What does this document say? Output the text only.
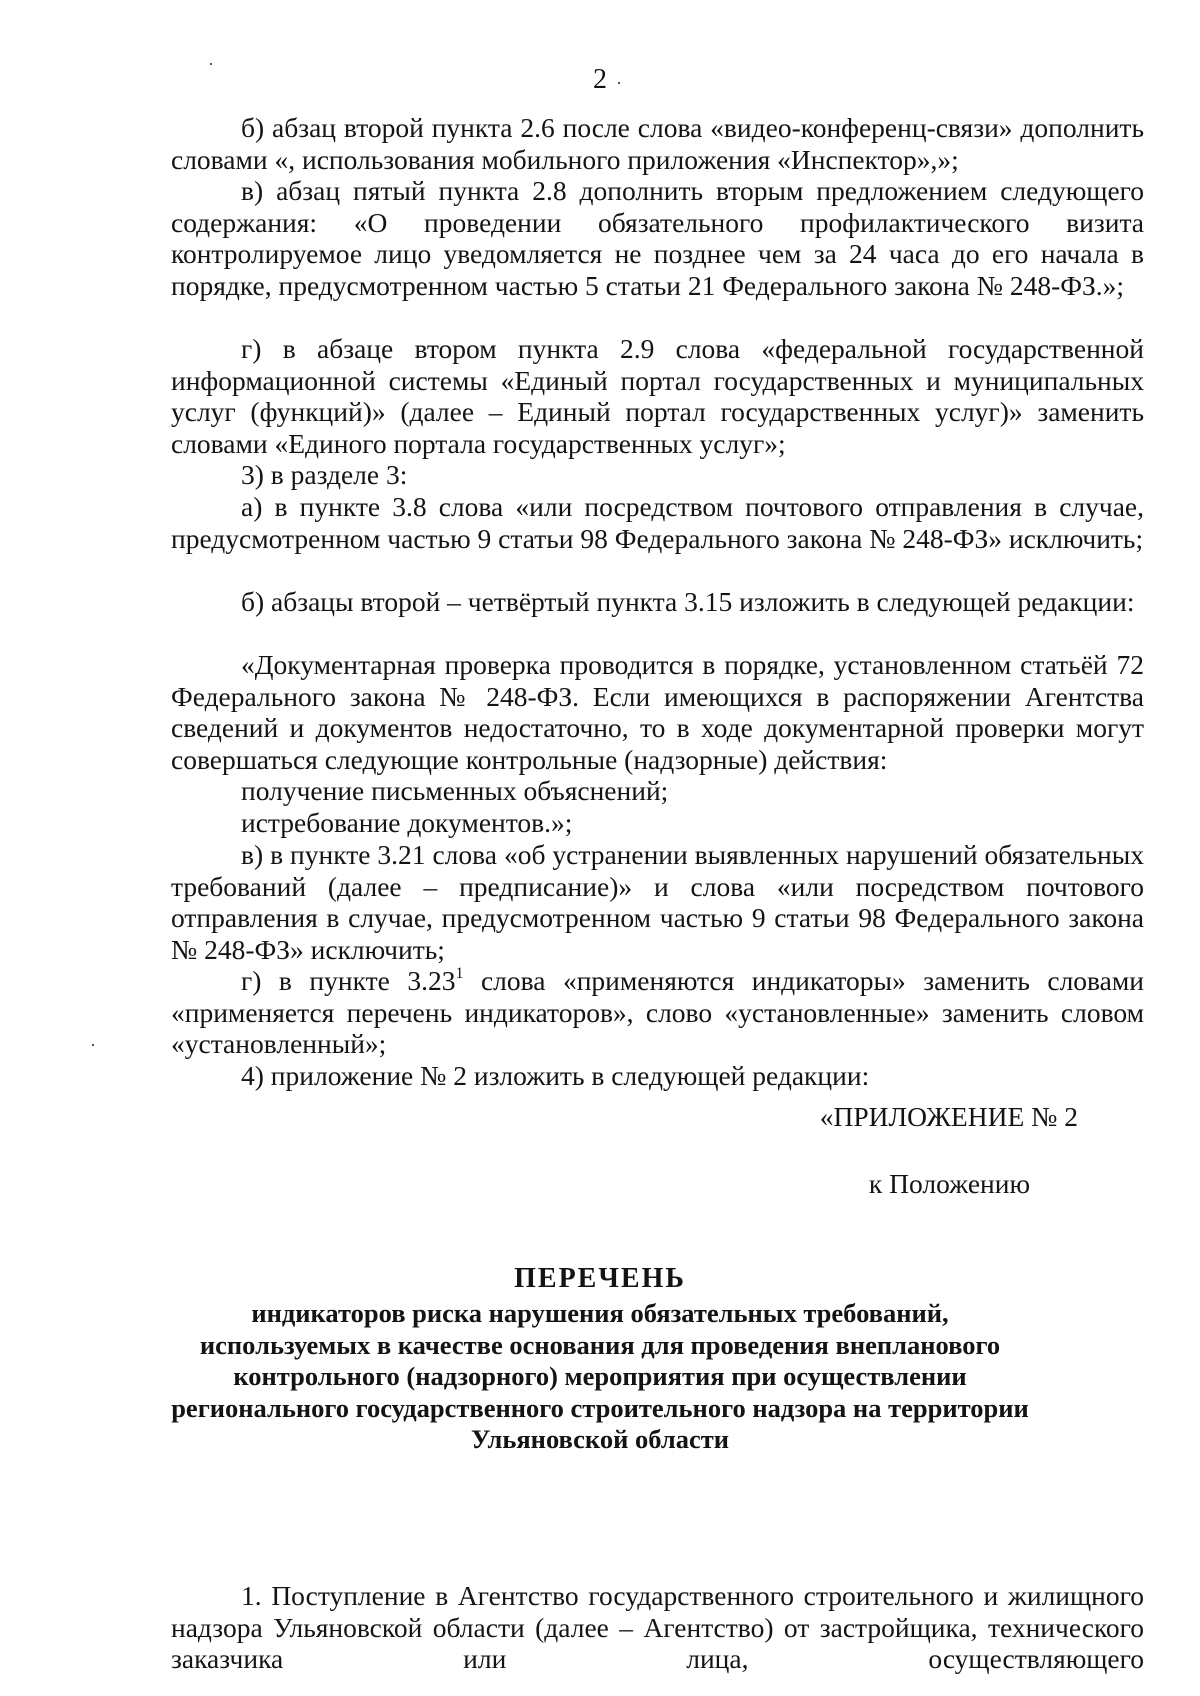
2

б) абзац второй пункта 2.6 после слова «видео-конференц-связи» дополнить словами «, использования мобильного приложения «Инспектор»,»;

в) абзац пятый пункта 2.8 дополнить вторым предложением следующего содержания: «О проведении обязательного профилактического визита контролируемое лицо уведомляется не позднее чем за 24 часа до его начала в порядке, предусмотренном частью 5 статьи 21 Федерального закона № 248-ФЗ.»;

г) в абзаце втором пункта 2.9 слова «федеральной государственной информационной системы «Единый портал государственных и муниципальных услуг (функций)» (далее – Единый портал государственных услуг)» заменить словами «Единого портала государственных услуг»;

3) в разделе 3:

а) в пункте 3.8 слова «или посредством почтового отправления в случае, предусмотренном частью 9 статьи 98 Федерального закона № 248-ФЗ» исключить;

б) абзацы второй – четвёртый пункта 3.15 изложить в следующей редакции:

«Документарная проверка проводится в порядке, установленном статьёй 72 Федерального закона № 248-ФЗ. Если имеющихся в распоряжении Агентства сведений и документов недостаточно, то в ходе документарной проверки могут совершаться следующие контрольные (надзорные) действия:

получение письменных объяснений;

истребование документов.»;

в) в пункте 3.21 слова «об устранении выявленных нарушений обязательных требований (далее – предписание)» и слова «или посредством почтового отправления в случае, предусмотренном частью 9 статьи 98 Федерального закона № 248-ФЗ» исключить;

г) в пункте 3.23$^1$ слова «применяются индикаторы» заменить словами «применяется перечень индикаторов», слово «установленные» заменить словом «установленный»;

4) приложение № 2 изложить в следующей редакции:

«ПРИЛОЖЕНИЕ № 2
к Положению
ПЕРЕЧЕНЬ
индикаторов риска нарушения обязательных требований,
используемых в качестве основания для проведения внепланового
контрольного (надзорного) мероприятия при осуществлении
регионального государственного строительного надзора на территории
Ульяновской области

1. Поступление в Агентство государственного строительного и жилищного надзора Ульяновской области (далее – Агентство) от застройщика, технического заказчика или лица, осуществляющего
